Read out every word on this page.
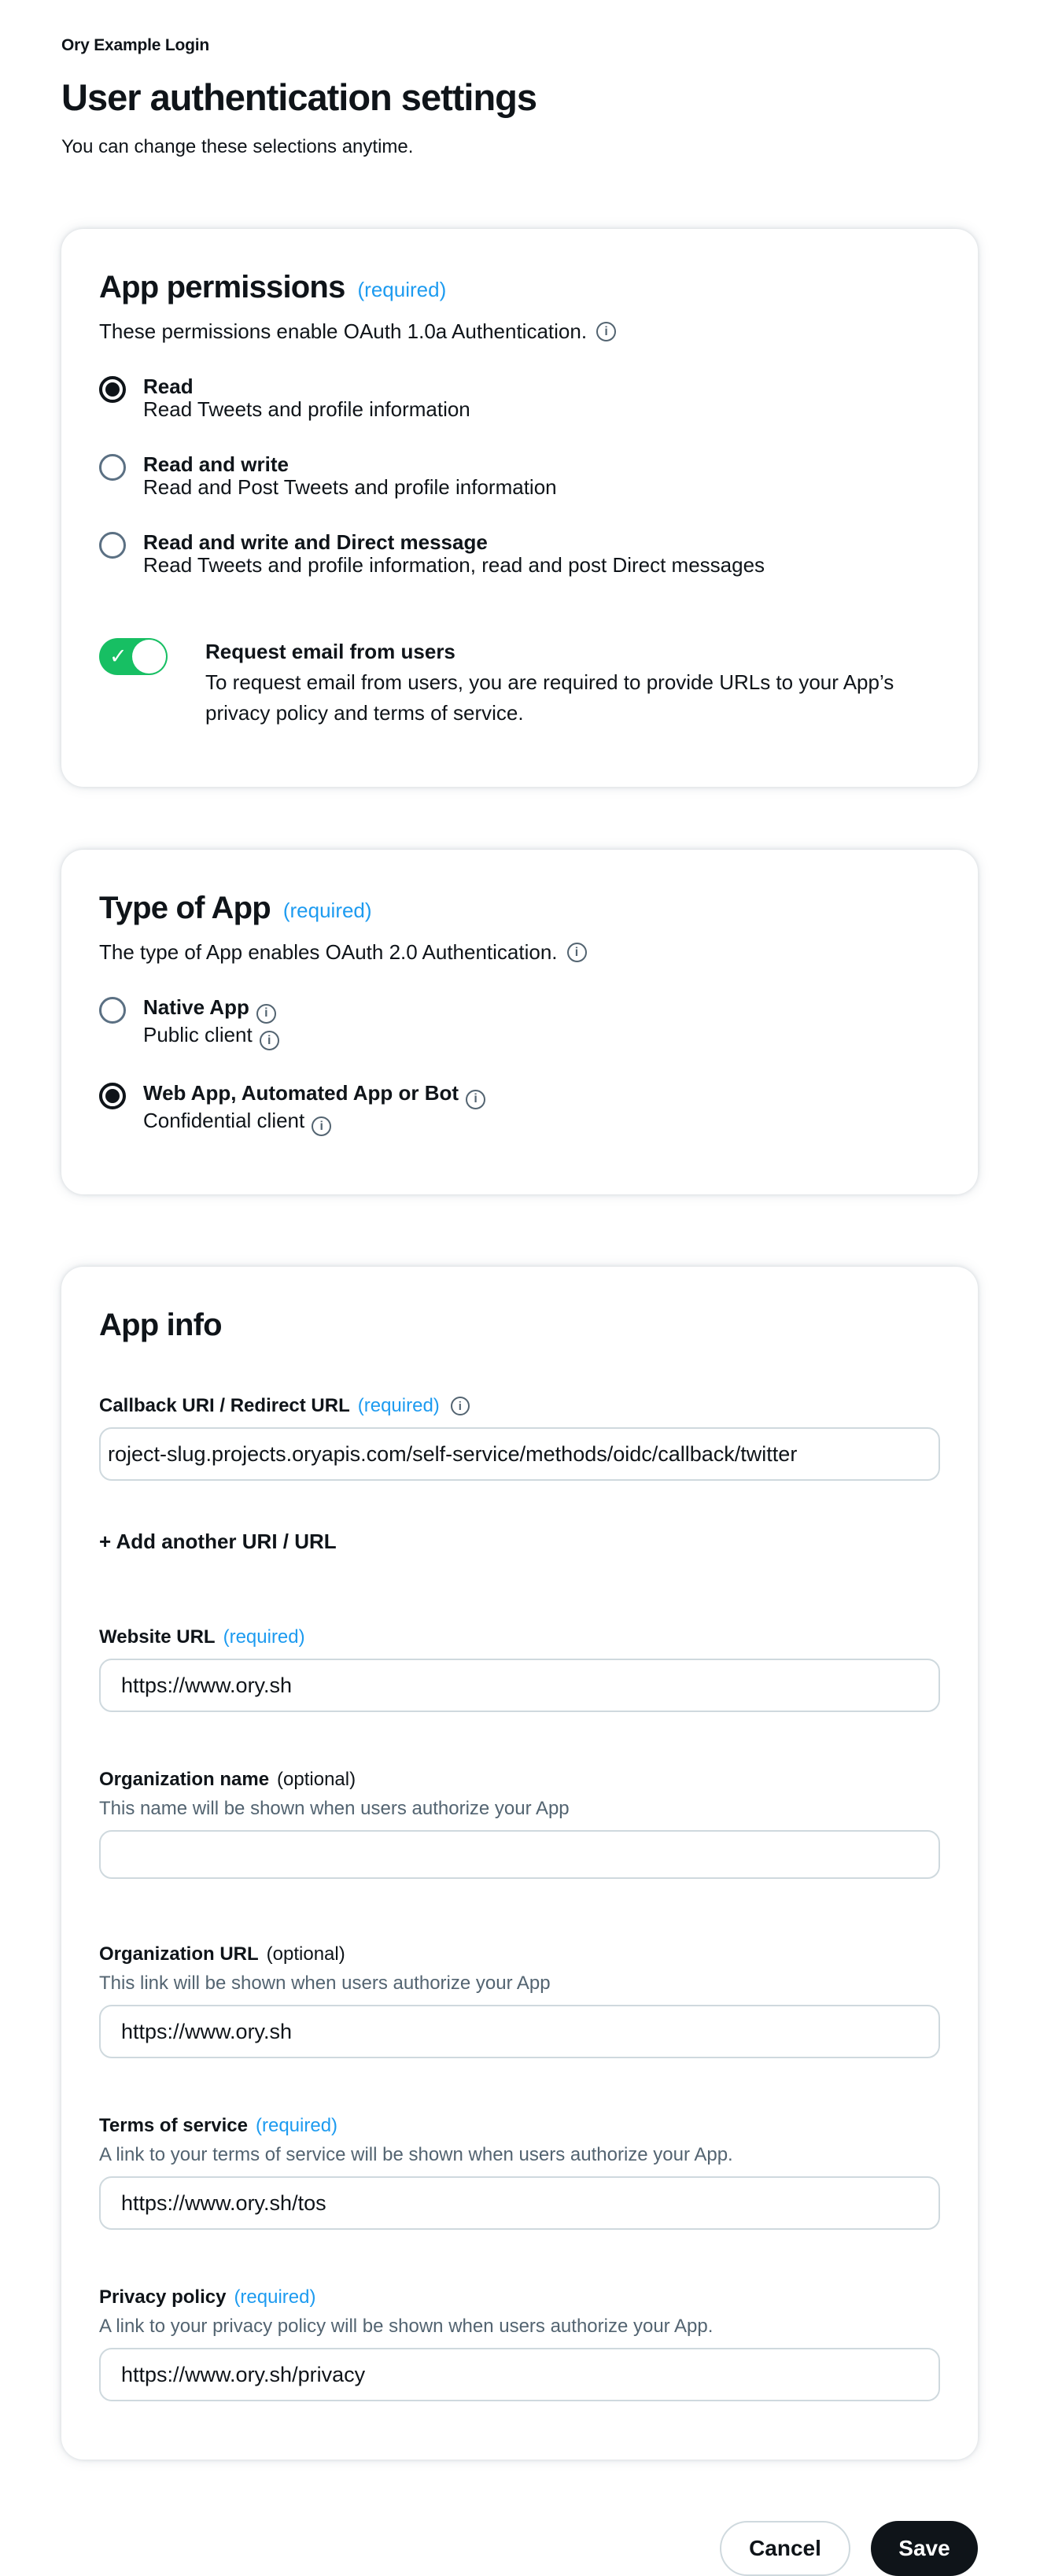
Ory Example Login
User authentication settings
You can change these selections anytime.
App permissions (required)
These permissions enable OAuth 1.0a Authentication.	i
Read
Read Tweets and profile information
Read and write
Read and Post Tweets and profile information
Read and write and Direct message
Read Tweets and profile information, read and post Direct messages
✓	Request email from users
To request email from users, you are required to provide URLs to your App’s privacy policy and terms of service.
Type of App (required)
The type of App enables OAuth 2.0 Authentication.	i
Native App i
Public client i
Web App, Automated App or Bot i
Confidential client i
App info
Callback URI / Redirect URL (required)	i
roject-slug.projects.oryapis.com/self-service/methods/oidc/callback/twitter
+ Add another URI / URL
Website URL (required)
https://www.ory.sh
Organization name (optional)
This name will be shown when users authorize your App
Organization URL (optional)
This link will be shown when users authorize your App
https://www.ory.sh
Terms of service (required)
A link to your terms of service will be shown when users authorize your App.
https://www.ory.sh/tos
Privacy policy (required)
A link to your privacy policy will be shown when users authorize your App.
https://www.ory.sh/privacy
Cancel	Save
